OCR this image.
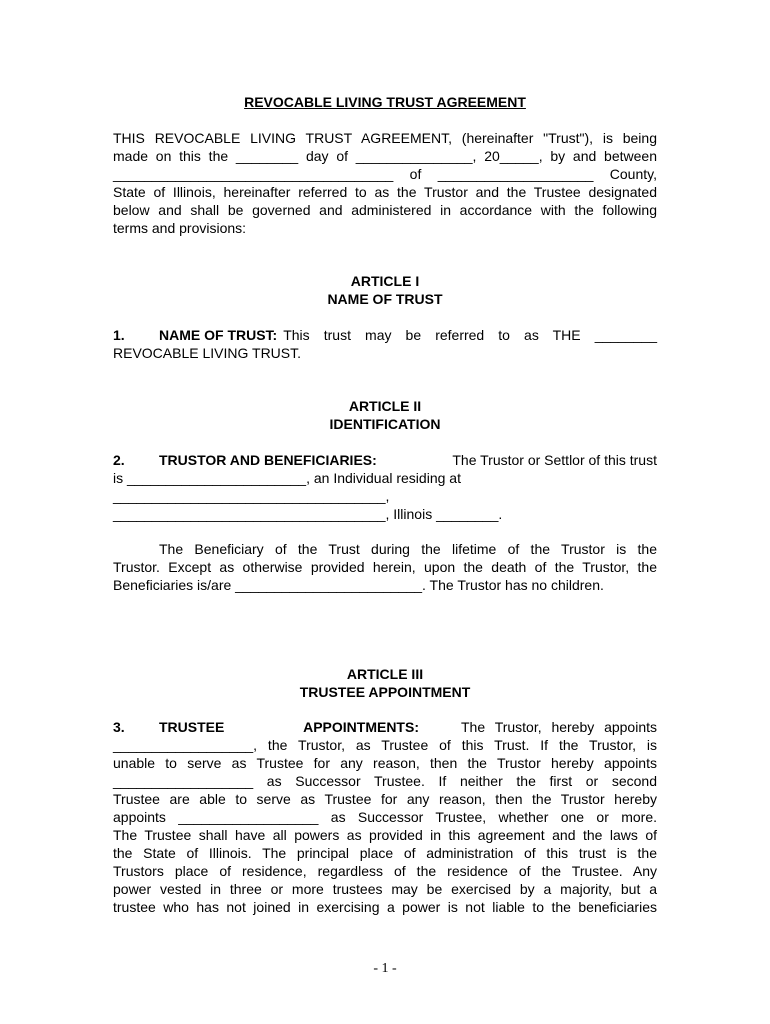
REVOCABLE LIVING TRUST AGREEMENT
THIS REVOCABLE LIVING TRUST AGREEMENT, (hereinafter "Trust"), is being
made on this the ________ day of _______________, 20_____, by and between
____________________________________ of ____________________ County,
State of Illinois, hereinafter referred to as the Trustor and the Trustee designated
below and shall be governed and administered in accordance with the following
terms and provisions:
ARTICLE I
NAME OF TRUST
1.	NAME OF TRUST: This trust may be referred to as THE ________
REVOCABLE LIVING TRUST.
ARTICLE II
IDENTIFICATION
2.	TRUSTOR AND BENEFICIARIES:	The Trustor or Settlor of this trust
is _______________________, an Individual residing at
___________________________________,
___________________________________, Illinois ________.
The Beneficiary of the Trust during the lifetime of the Trustor is the
Trustor. Except as otherwise provided herein, upon the death of the Trustor, the
Beneficiaries is/are ________________________. The Trustor has no children.
ARTICLE III
TRUSTEE APPOINTMENT
3.	TRUSTEE APPOINTMENTS:	The Trustor, hereby appoints
__________________, the Trustor, as Trustee of this Trust. If the Trustor, is
unable to serve as Trustee for any reason, then the Trustor hereby appoints
__________________ as Successor Trustee. If neither the first or second
Trustee are able to serve as Trustee for any reason, then the Trustor hereby
appoints __________________ as Successor Trustee, whether one or more.
The Trustee shall have all powers as provided in this agreement and the laws of
the State of Illinois. The principal place of administration of this trust is the
Trustors place of residence, regardless of the residence of the Trustee. Any
power vested in three or more trustees may be exercised by a majority, but a
trustee who has not joined in exercising a power is not liable to the beneficiaries
- 1 -
